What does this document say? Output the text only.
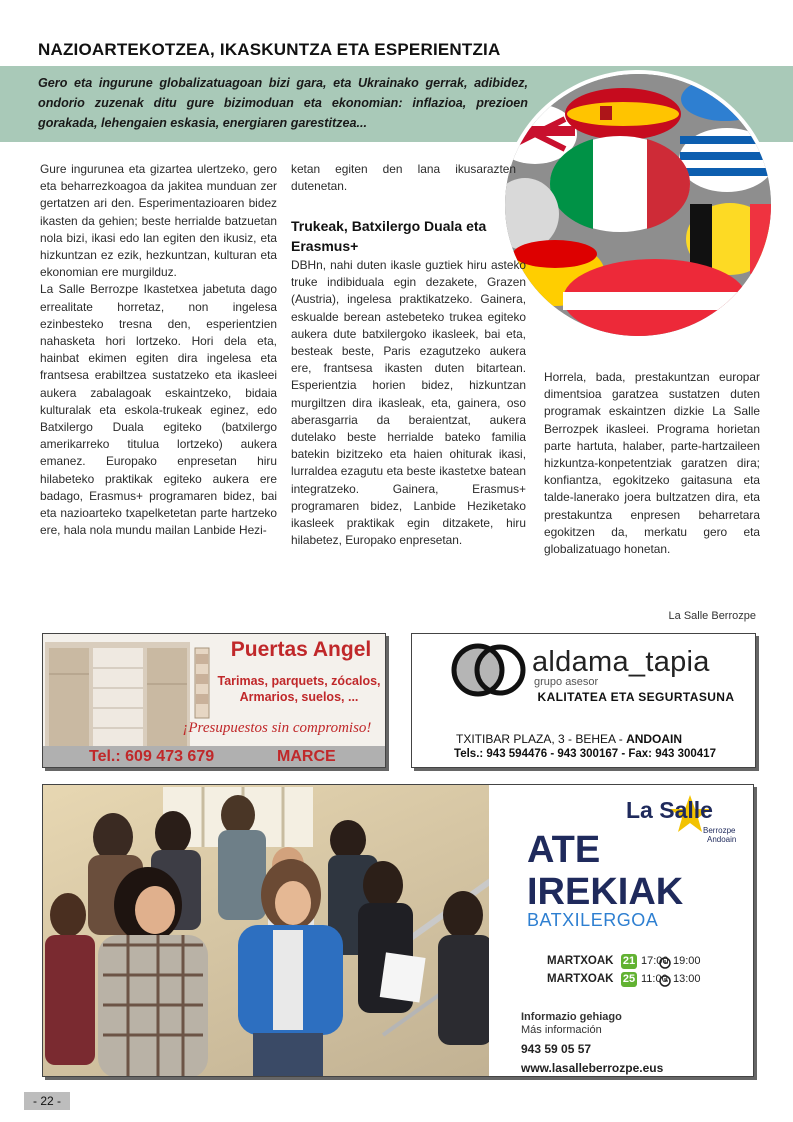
NAZIOARTEKOTZEA, IKASKUNTZA ETA ESPERIENTZIA
Gero eta ingurune globalizatuagoan bizi gara, eta Ukrainako gerrak, adibidez, ondorio zuzenak ditu gure bizimoduan eta ekonomian: inflazioa, prezioen gorakada, lehengaien eskasia, energiaren garestitzea...

Gure ingurunea eta gizartea ulertzeko, gero eta beharrezkoagoa da jakitea munduan zer gertatzen ari den. Esperimentazioaren bidez ikasten da gehien; beste herrialde batzuetan nola bizi, ikasi edo lan egiten den ikusiz, eta hizkuntzan ez ezik, hezkuntzan, kulturan eta ekonomian ere murgilduz.

La Salle Berrozpe Ikastetxea jabetuta dago errealitate horretaz, non ingelesa ezinbesteko tresna den, esperientzien nahasketa hori lortzeko. Hori dela eta, hainbat ekimen egiten dira ingelesa eta frantsesa erabiltzea sustatzeko eta ikasleei aukera zabalagoak eskaintzeko, bidaia kulturalak eta eskola-trukeak eginez, edo Batxilergo Duala egiteko (batxilergo amerikarreko titulua lortzeko) aukera emanez. Europako enpresetan hiru hilabeteko praktikak egiteko aukera ere badago, Erasmus+ programaren bidez, bai eta nazioarteko txapelketetan parte hartzeko ere, hala nola mundu mailan Lanbide Hezi-

ketan egiten den lana ikusarazten dutenetan.
Trukeak, Batxilergo Duala eta Erasmus+
DBHn, nahi duten ikasle guztiek hiru asteko truke indibiduala egin dezakete, Grazen (Austria), ingelesa praktikatzeko. Gainera, eskualde berean astebeteko trukea egiteko aukera dute batxilergoko ikasleek, bai eta, besteak beste, Paris ezagutzeko aukera ere, frantsesa ikasten duten bitartean. Esperientzia horien bidez, hizkuntzan murgiltzen dira ikasleak, eta, gainera, oso aberasgarria da beraientzat, aukera dutelako beste herrialde bateko familia batekin bizitzeko eta haien ohiturak ikasi, lurraldea ezagutu eta beste ikastetxe batean integratzeko. Gainera, Erasmus+ programaren bidez, Lanbide Heziketako ikasleek praktikak egin ditzakete, hiru hilabetez, Europako enpresetan.
Horrela, bada, prestakuntzan europar dimentsioa garatzea sustatzen duten programak eskaintzen dizkie La Salle Berrozpek ikasleei. Programa horietan parte hartuta, halaber, parte-hartzaileen hizkuntza-konpetentziak garatzen dira; konfiantza, egokitzeko gaitasuna eta talde-lanerako joera bultzatzen dira, eta prestakuntza enpresen beharretara egokitzen da, merkatu gero eta globalizatuago honetan.
La Salle Berrozpe
Puertas Angel
Tarimas, parquets, zócalos,
Armarios, suelos, ...
¡Presupuestos sin compromiso!
Tel.: 609 473 679	MARCE
aldama_tapia
grupo asesor
KALITATEA ETA SEGURTASUNA
TXITIBAR PLAZA, 3 - BEHEA - ANDOAIN
Tels.: 943 594476 - 943 300167 - Fax: 943 300417
La Salle
Berrozpe
Andoain
ATE
IREKIAK
BATXILERGOA
MARTXOAK 21 17:00 19:00
MARTXOAK 25 11:00 13:00
Informazio gehiago
Más información
943 59 05 57
www.lasalleberrozpe.eus
- 22 -
